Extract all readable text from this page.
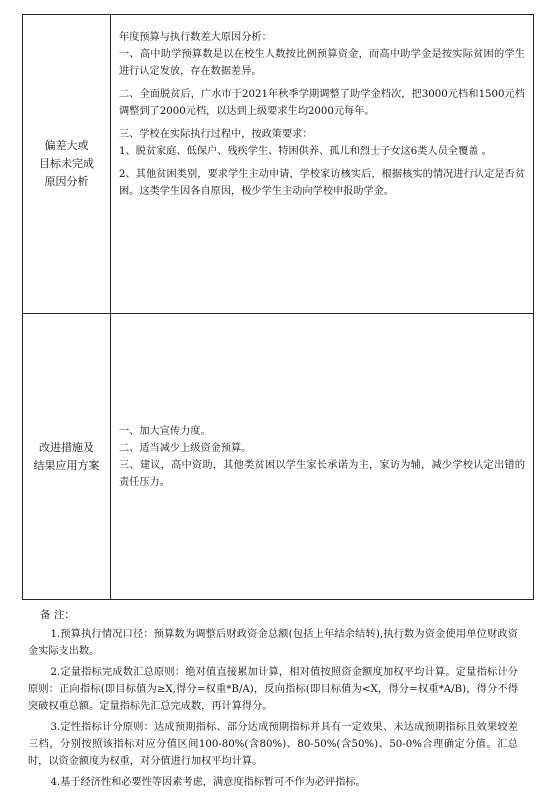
偏差大或
目标未完成
原因分析

年度预算与执行数差大原因分析：

一、高中助学预算数是以在校生人数按比例预算资金，而高中助学金是按实际贫困的学生进行认定发放，存在数据差异。

二、全面脱贫后，广水市于2021年秋季学期调整了助学金档次，把3000元档和1500元档调整到了2000元档，以达到上级要求生均2000元每年。

三、学校在实际执行过程中，按政策要求：

1、脱贫家庭、低保户、残疾学生、特困供养、孤儿和烈士子女这6类人员全覆盖 。

2、其他贫困类别，要求学生主动申请，学校家访核实后，根据核实的情况进行认定是否贫困。这类学生因各自原因，极少学生主动向学校申报助学金。

改进措施及
结果应用方案

一、加大宣传力度。

二、适当减少上级资金预算。

三、建议，高中资助，其他类贫困以学生家长承诺为主，家访为辅，减少学校认定出错的责任压力。

备 注：

1.预算执行情况口径：预算数为调整后财政资金总额(包括上年结余结转),执行数为资金使用单位财政资金实际支出数。

2.定量指标完成数汇总原则：绝对值直接累加计算，相对值按照资金额度加权平均计算。定量指标计分原则：正向指标(即目标值为≥X,得分=权重*B/A)，反向指标(即目标值为<X，得分=权重*A/B)，得分不得突破权重总额。定量指标先汇总完成数，再计算得分。

3.定性指标计分原则：达成预期指标、部分达成预期指标并具有一定效果、未达成预期指标且效果较差三档，分别按照该指标对应分值区间100-80%(含80%)、80-50%(含50%)、50-0%合理确定分值。汇总时，以资金额度为权重，对分值进行加权平均计算。

4.基于经济性和必要性等因素考虑，满意度指标暂可不作为必评指标。
